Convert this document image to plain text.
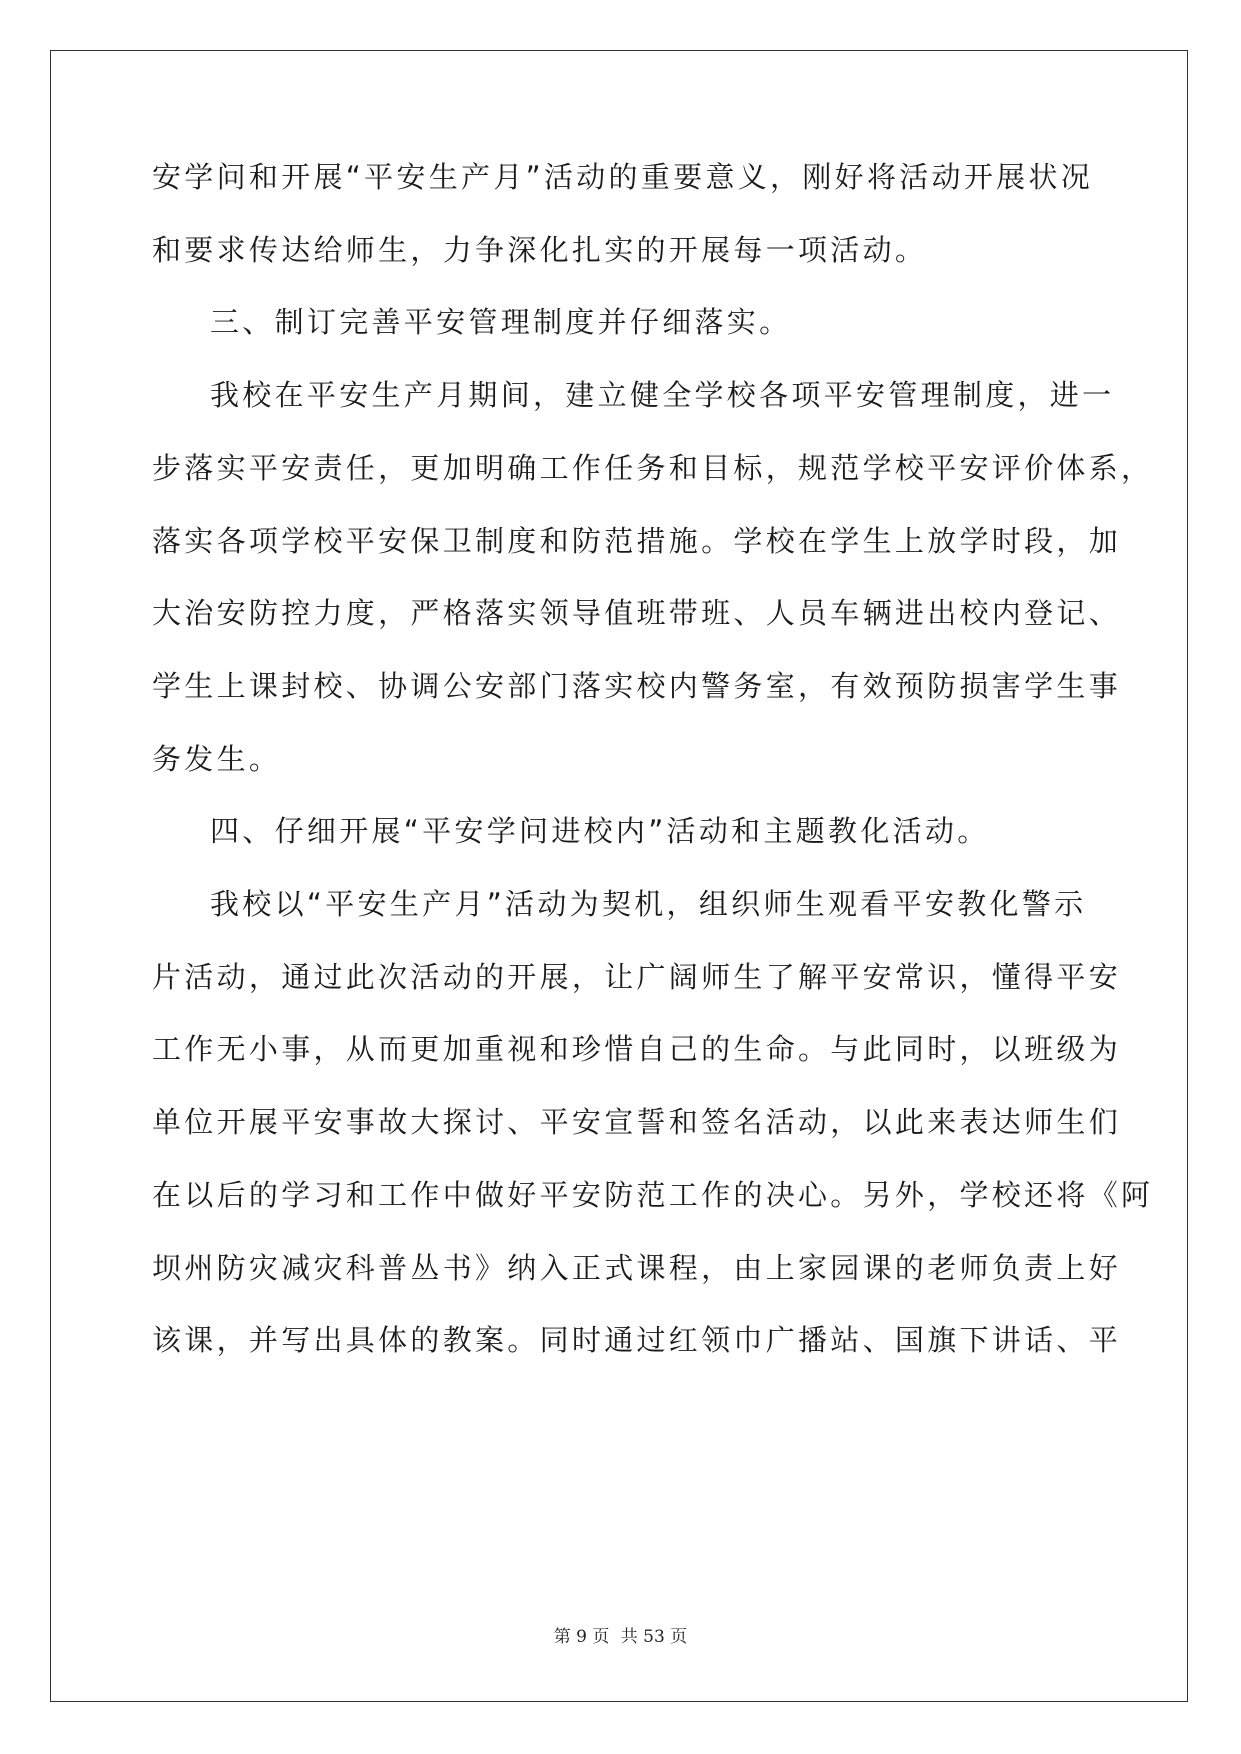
安学问和开展“平安生产月”活动的重要意义，刚好将活动开展状况
和要求传达给师生，力争深化扎实的开展每一项活动。
三、制订完善平安管理制度并仔细落实。
我校在平安生产月期间，建立健全学校各项平安管理制度，进一
步落实平安责任，更加明确工作任务和目标，规范学校平安评价体系，
落实各项学校平安保卫制度和防范措施。学校在学生上放学时段，加
大治安防控力度，严格落实领导值班带班、人员车辆进出校内登记、
学生上课封校、协调公安部门落实校内警务室，有效预防损害学生事
务发生。
四、仔细开展“平安学问进校内”活动和主题教化活动。
我校以“平安生产月”活动为契机，组织师生观看平安教化警示
片活动，通过此次活动的开展，让广阔师生了解平安常识，懂得平安
工作无小事，从而更加重视和珍惜自己的生命。与此同时，以班级为
单位开展平安事故大探讨、平安宣誓和签名活动，以此来表达师生们
在以后的学习和工作中做好平安防范工作的决心。另外，学校还将《阿
坝州防灾减灾科普丛书》纳入正式课程，由上家园课的老师负责上好
该课，并写出具体的教案。同时通过红领巾广播站、国旗下讲话、平
第 9 页 共 53 页
